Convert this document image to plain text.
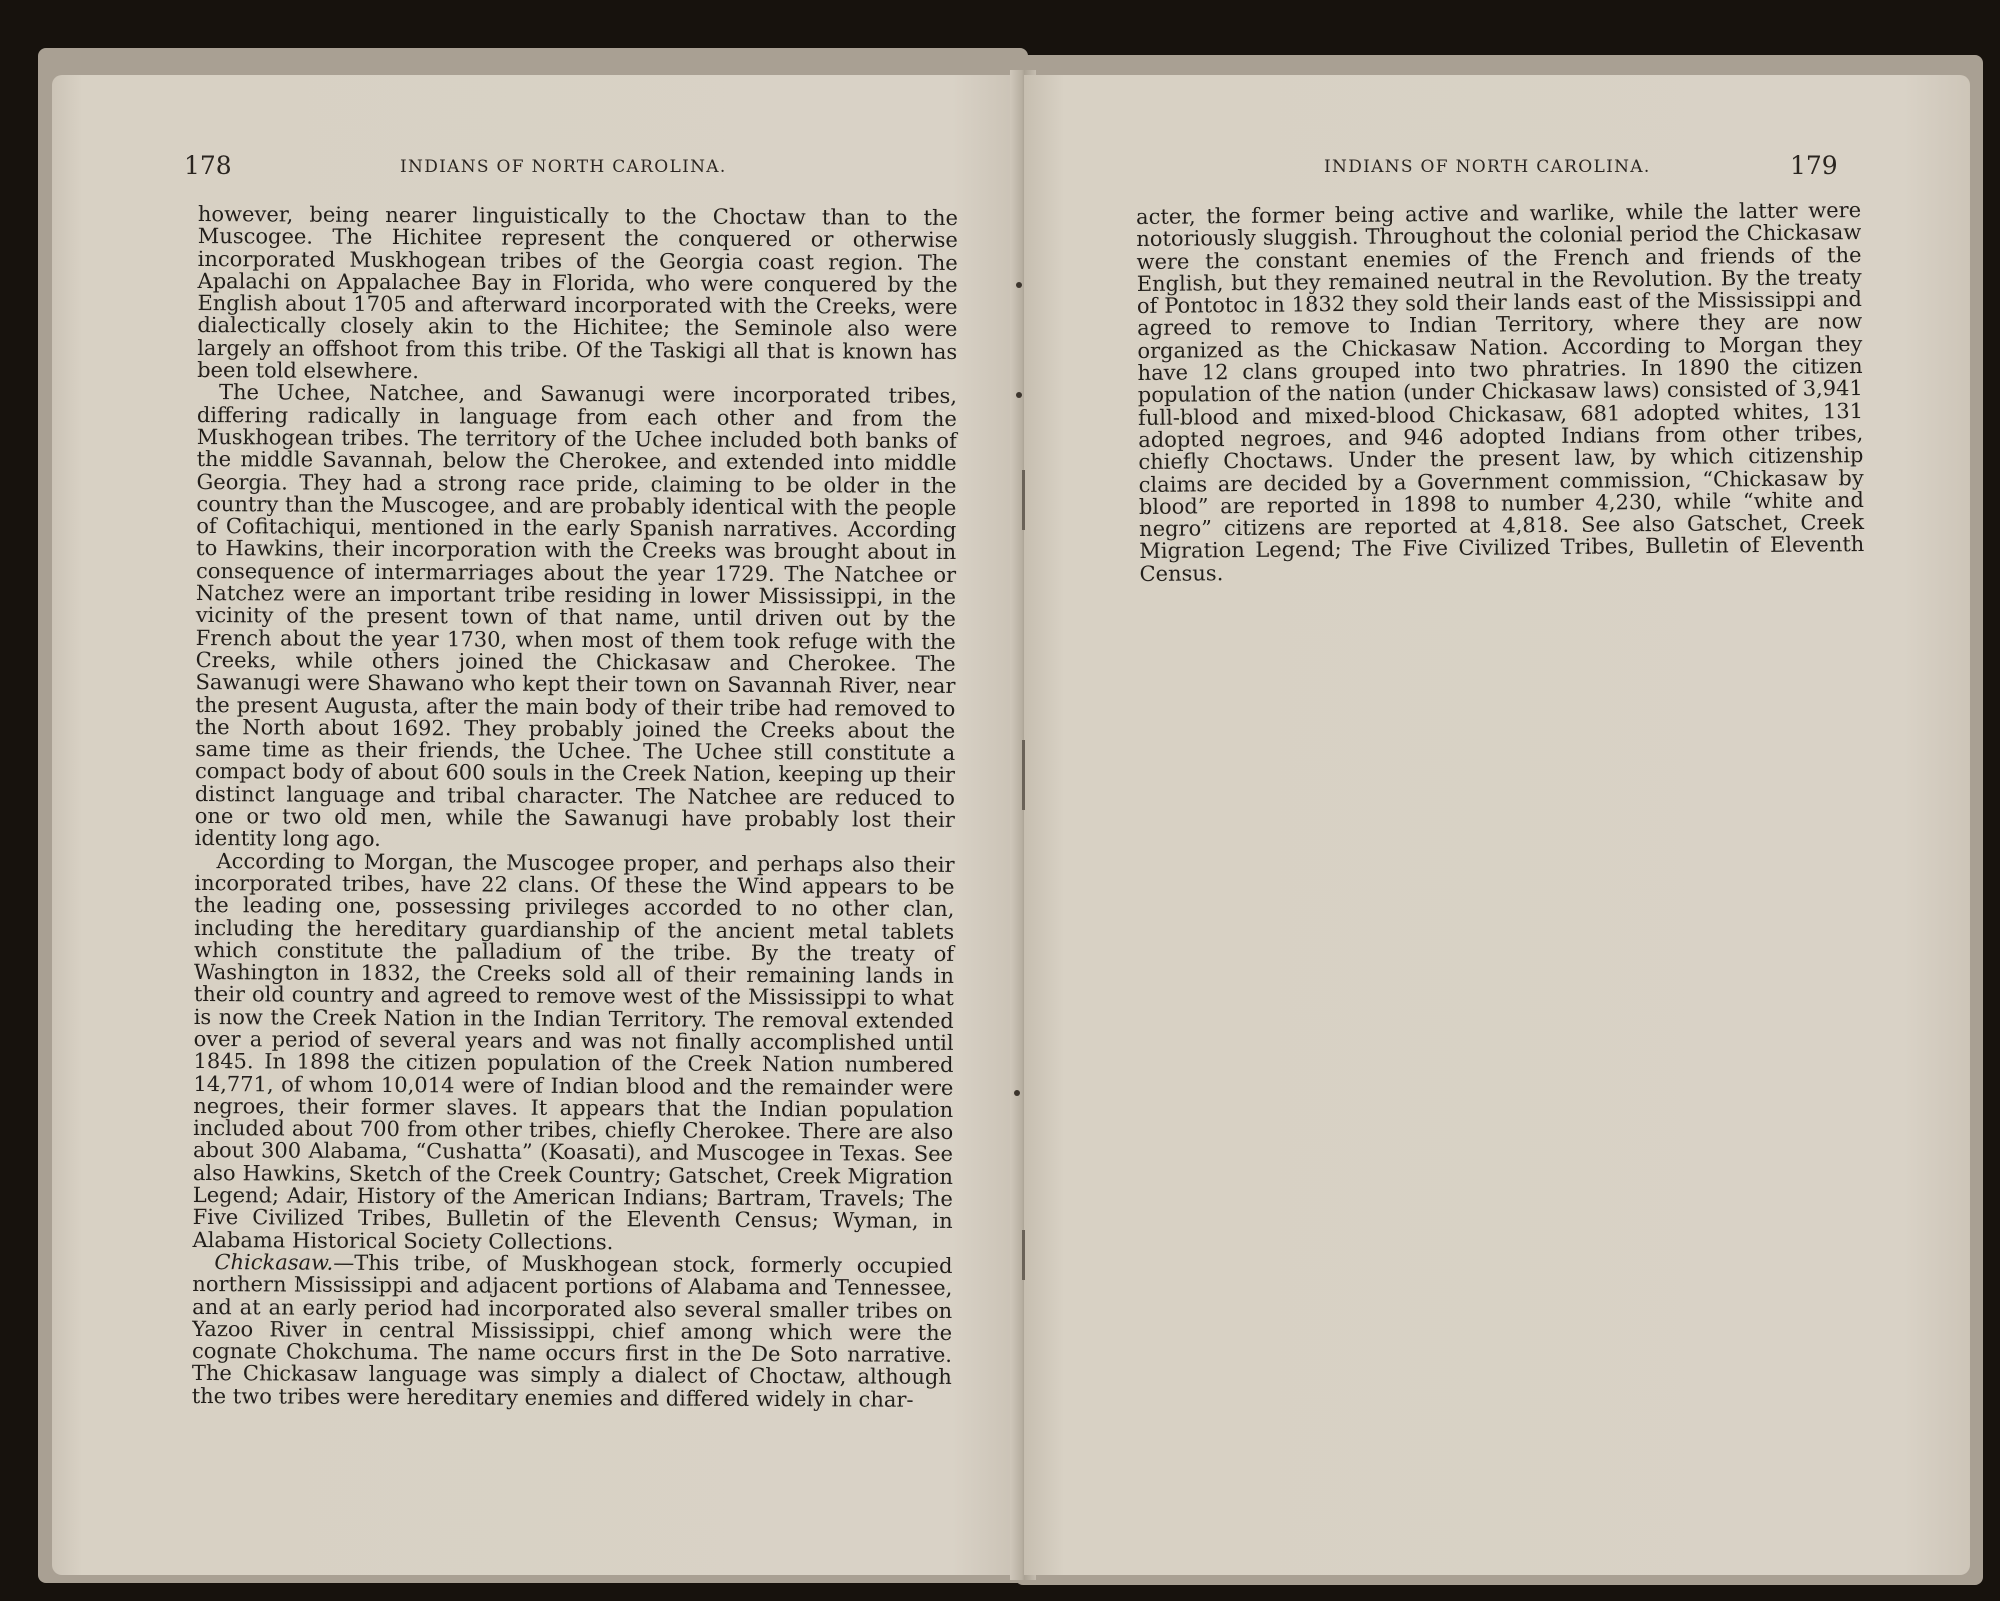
178	INDIANS OF NORTH CAROLINA.

however, being nearer linguistically to the Choctaw than to the Muscogee. The Hichitee represent the conquered or otherwise incorporated Muskhogean tribes of the Georgia coast region. The Apalachi on Appalachee Bay in Florida, who were conquered by the English about 1705 and afterward incorporated with the Creeks, were dialectically closely akin to the Hichitee; the Seminole also were largely an offshoot from this tribe. Of the Taskigi all that is known has been told elsewhere.

The Uchee, Natchee, and Sawanugi were incorporated tribes, differing radically in language from each other and from the Muskhogean tribes. The territory of the Uchee included both banks of the middle Savannah, below the Cherokee, and extended into middle Georgia. They had a strong race pride, claiming to be older in the country than the Muscogee, and are probably identical with the people of Cofitachiqui, mentioned in the early Spanish narratives. According to Hawkins, their incorporation with the Creeks was brought about in consequence of intermarriages about the year 1729. The Natchee or Natchez were an important tribe residing in lower Mississippi, in the vicinity of the present town of that name, until driven out by the French about the year 1730, when most of them took refuge with the Creeks, while others joined the Chickasaw and Cherokee. The Sawanugi were Shawano who kept their town on Savannah River, near the present Augusta, after the main body of their tribe had removed to the North about 1692. They probably joined the Creeks about the same time as their friends, the Uchee. The Uchee still constitute a compact body of about 600 souls in the Creek Nation, keeping up their distinct language and tribal character. The Natchee are reduced to one or two old men, while the Sawanugi have probably lost their identity long ago.

According to Morgan, the Muscogee proper, and perhaps also their incorporated tribes, have 22 clans. Of these the Wind appears to be the leading one, possessing privileges accorded to no other clan, including the hereditary guardianship of the ancient metal tablets which constitute the palladium of the tribe. By the treaty of Washington in 1832, the Creeks sold all of their remaining lands in their old country and agreed to remove west of the Mississippi to what is now the Creek Nation in the Indian Territory. The removal extended over a period of several years and was not finally accomplished until 1845. In 1898 the citizen population of the Creek Nation numbered 14,771, of whom 10,014 were of Indian blood and the remainder were negroes, their former slaves. It appears that the Indian population included about 700 from other tribes, chiefly Cherokee. There are also about 300 Alabama, “Cushatta” (Koasati), and Muscogee in Texas. See also Hawkins, Sketch of the Creek Country; Gatschet, Creek Migration Legend; Adair, History of the American Indians; Bartram, Travels; The Five Civilized Tribes, Bulletin of the Eleventh Census; Wyman, in Alabama Historical Society Collections.

Chickasaw.—This tribe, of Muskhogean stock, formerly occupied northern Mississippi and adjacent portions of Alabama and Tennessee, and at an early period had incorporated also several smaller tribes on Yazoo River in central Mississippi, chief among which were the cognate Chokchuma. The name occurs first in the De Soto narrative. The Chickasaw language was simply a dialect of Choctaw, although the two tribes were hereditary enemies and differed widely in char-

INDIANS OF NORTH CAROLINA.	179

acter, the former being active and warlike, while the latter were notoriously sluggish. Throughout the colonial period the Chickasaw were the constant enemies of the French and friends of the English, but they remained neutral in the Revolution. By the treaty of Pontotoc in 1832 they sold their lands east of the Mississippi and agreed to remove to Indian Territory, where they are now organized as the Chickasaw Nation. According to Morgan they have 12 clans grouped into two phratries. In 1890 the citizen population of the nation (under Chickasaw laws) consisted of 3,941 full-blood and mixed-blood Chickasaw, 681 adopted whites, 131 adopted negroes, and 946 adopted Indians from other tribes, chiefly Choctaws. Under the present law, by which citizenship claims are decided by a Government commission, “Chickasaw by blood” are reported in 1898 to number 4,230, while “white and negro” citizens are reported at 4,818. See also Gatschet, Creek Migration Legend; The Five Civilized Tribes, Bulletin of Eleventh Census.
